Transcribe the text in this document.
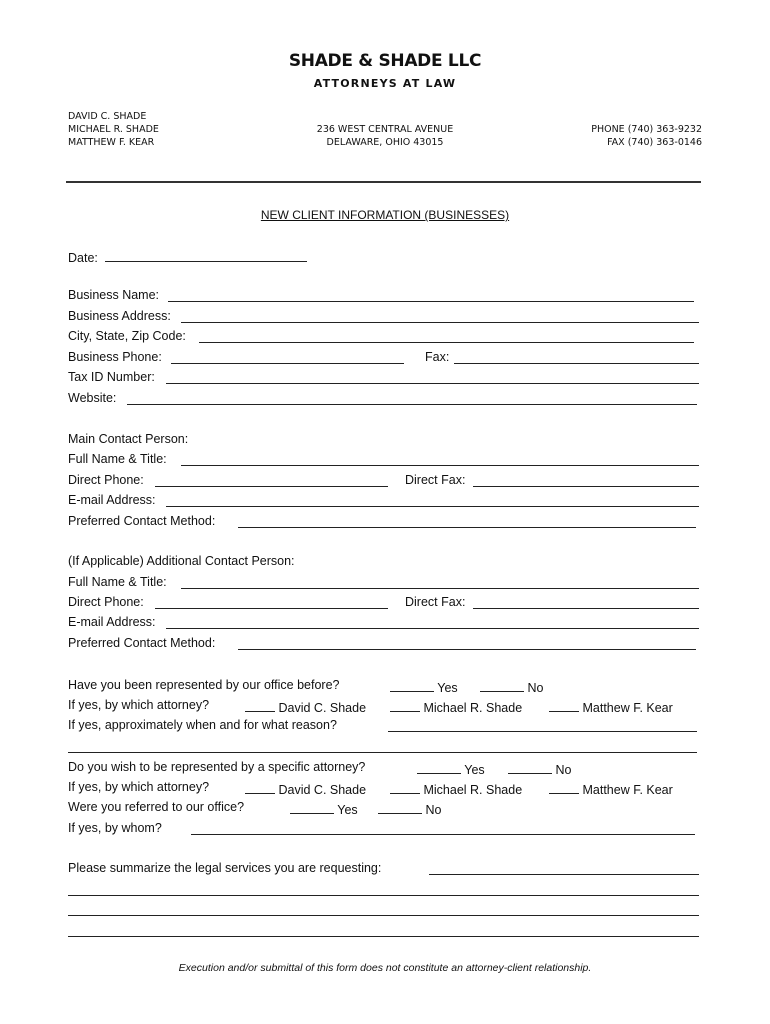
SHADE & SHADE LLC
ATTORNEYS AT LAW
DAVID C. SHADE
MICHAEL R. SHADE
MATTHEW F. KEAR
236 WEST CENTRAL AVENUE
DELAWARE, OHIO 43015
PHONE (740) 363-9232
FAX (740) 363-0146
NEW CLIENT INFORMATION (BUSINESSES)
Date:
Business Name:
Business Address:
City, State, Zip Code:
Business Phone:	Fax:
Tax ID Number:
Website:
Main Contact Person:
Full Name & Title:
Direct Phone:	Direct Fax:
E-mail Address:
Preferred Contact Method:
(If Applicable) Additional Contact Person:
Full Name & Title:
Direct Phone:	Direct Fax:
E-mail Address:
Preferred Contact Method:
Have you been represented by our office before?	Yes	No
If yes, by which attorney?	David C. Shade	Michael R. Shade	Matthew F. Kear
If yes, approximately when and for what reason?
Do you wish to be represented by a specific attorney?	Yes	No
If yes, by which attorney?	David C. Shade	Michael R. Shade	Matthew F. Kear
Were you referred to our office?	Yes	No
If yes, by whom?
Please summarize the legal services you are requesting:
Execution and/or submittal of this form does not constitute an attorney-client relationship.
